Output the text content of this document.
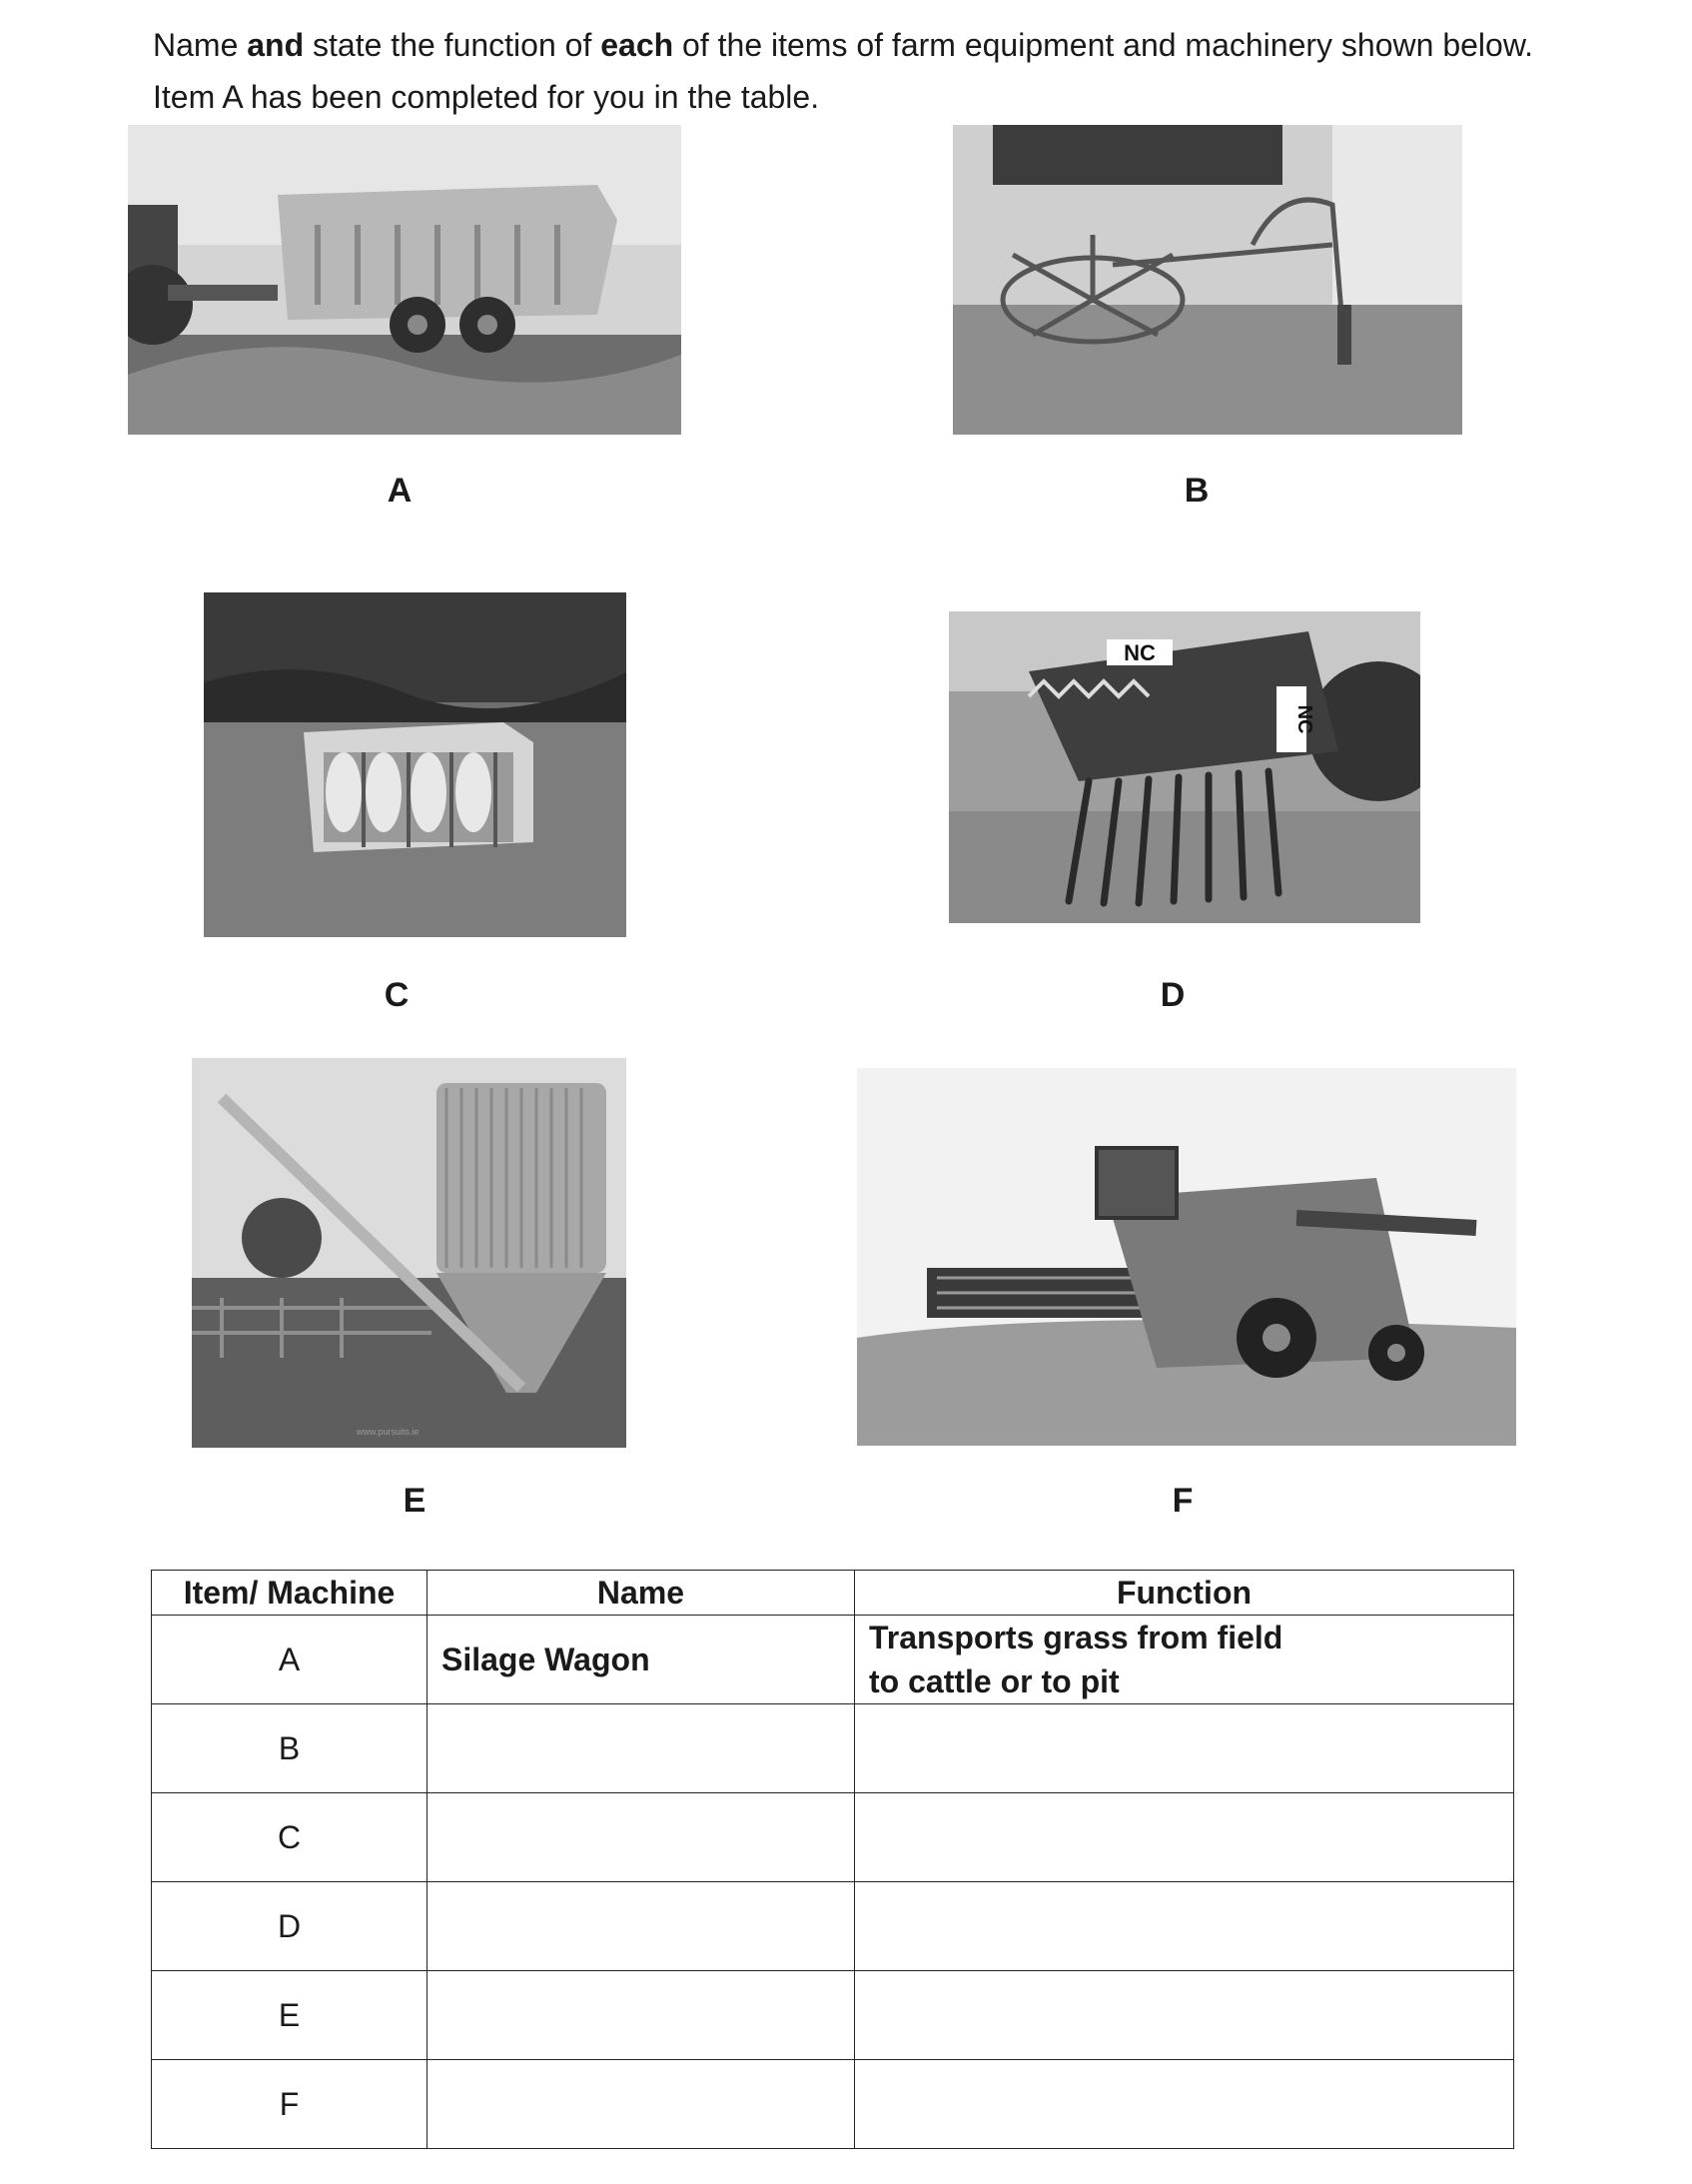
Name and state the function of each of the items of farm equipment and machinery shown below.
Item A has been completed for you in the table.
A	B
NC
NC
C	D
www.pursuits.ie
E	F
Item/ Machine	Name	Function
A	Silage Wagon	Transports grass from field to cattle or to pit
B		
C		
D		
E		
F		
